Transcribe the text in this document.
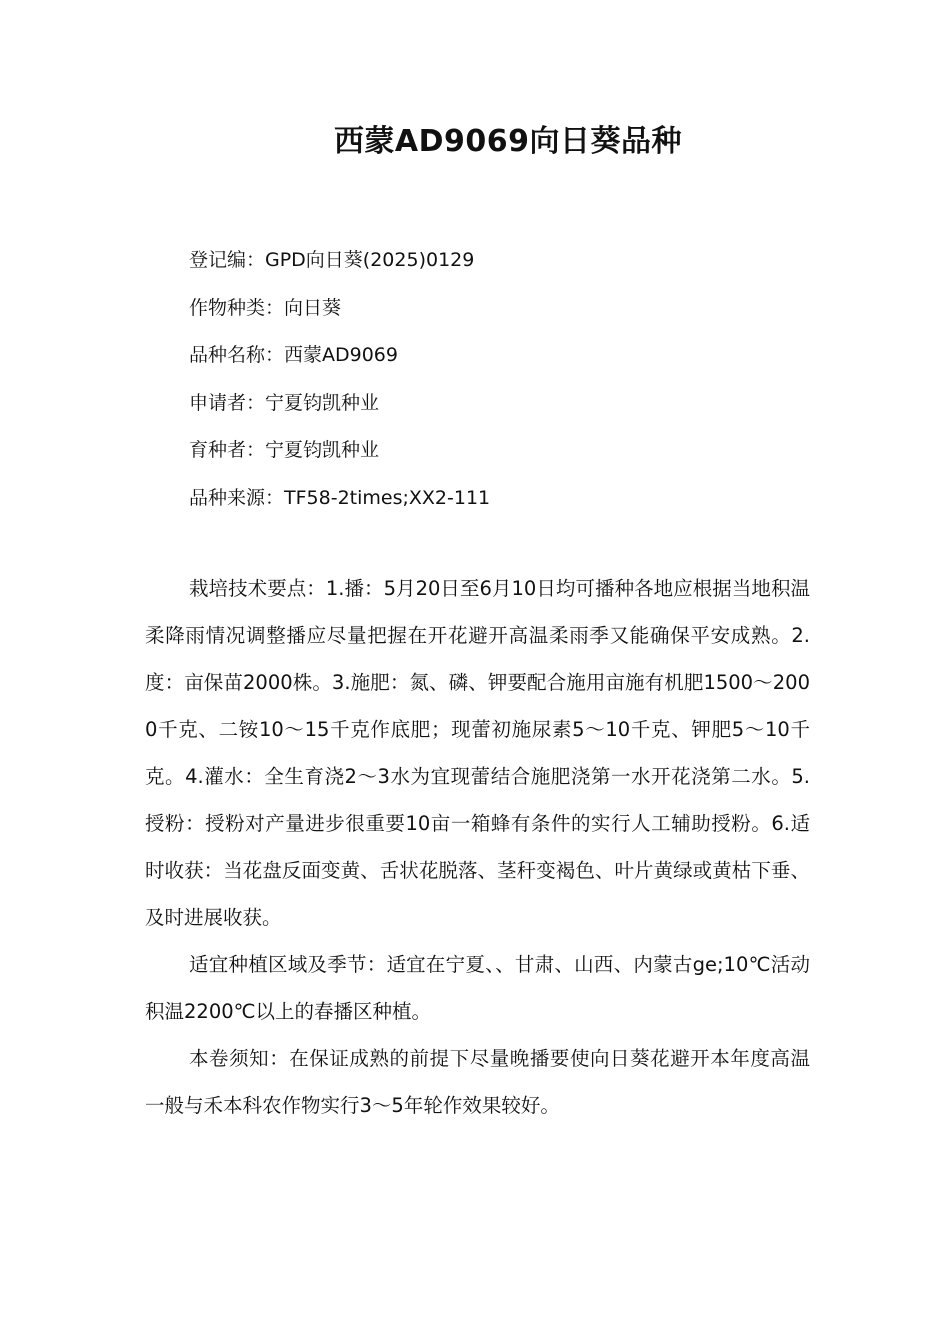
西蒙AD9069向日葵品种
登记编：GPD向日葵(2025)0129
作物种类：向日葵
品种名称：西蒙AD9069
申请者：宁夏钧凯种业
育种者：宁夏钧凯种业
品种来源：TF58-2times;XX2-111

栽培技术要点：1.播：5月20日至6月10日均可播种各地应根据当地积温柔降雨情况调整播应尽量把握在开花避开高温柔雨季又能确保平安成熟。2.度：亩保苗2000株。3.施肥：氮、磷、钾要配合施用亩施有机肥1500～2000千克、二铵10～15千克作底肥；现蕾初施尿素5～10千克、钾肥5～10千克。4.灌水：全生育浇2～3水为宜现蕾结合施肥浇第一水开花浇第二水。5.授粉：授粉对产量进步很重要10亩一箱蜂有条件的实行人工辅助授粉。6.适时收获：当花盘反面变黄、舌状花脱落、茎秆变褐色、叶片黄绿或黄枯下垂、及时进展收获。

适宜种植区域及季节：适宜在宁夏、、甘肃、山西、内蒙古ge;10℃活动积温2200℃以上的春播区种植。

本卷须知：在保证成熟的前提下尽量晚播要使向日葵花避开本年度高温一般与禾本科农作物实行3～5年轮作效果较好。
